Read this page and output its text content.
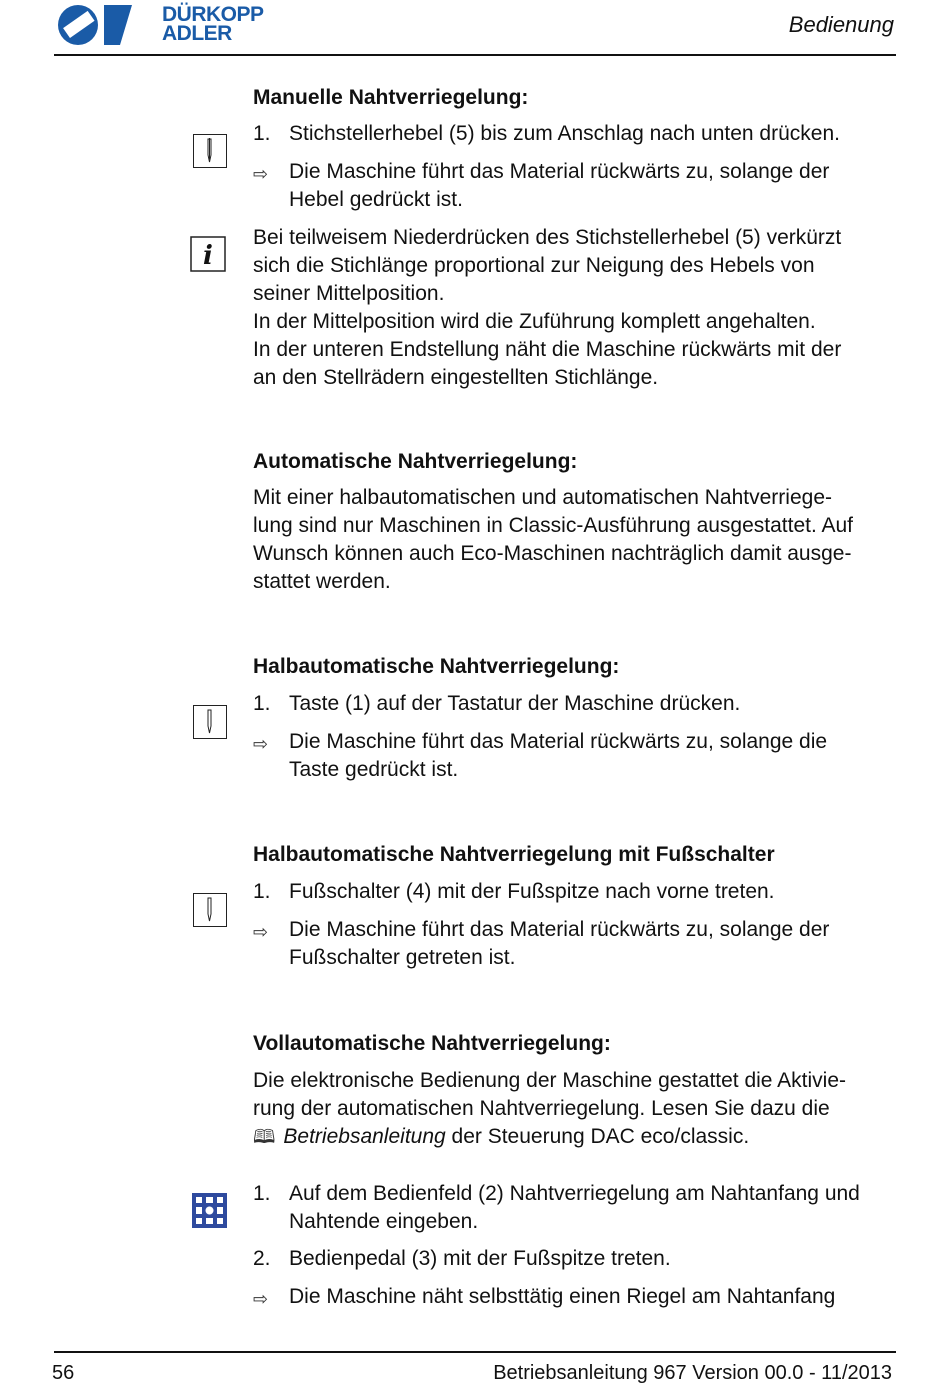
DÜRKOPP
ADLER	Bedienung
i
Manuelle Nahtverriegelung:
1. Stichstellerhebel (5) bis zum Anschlag nach unten drücken.
⇨ Die Maschine führt das Material rückwärts zu, solange der
Hebel gedrückt ist.
Bei teilweisem Niederdrücken des Stichstellerhebel (5) verkürzt
sich die Stichlänge proportional zur Neigung des Hebels von
seiner Mittelposition.
In der Mittelposition wird die Zuführung komplett angehalten.
In der unteren Endstellung näht die Maschine rückwärts mit der
an den Stellrädern eingestellten Stichlänge.
Automatische Nahtverriegelung:
Mit einer halbautomatischen und automatischen Nahtverriege-
lung sind nur Maschinen in Classic-Ausführung ausgestattet. Auf
Wunsch können auch Eco-Maschinen nachträglich damit ausge-
stattet werden.
Halbautomatische Nahtverriegelung:
1. Taste (1) auf der Tastatur der Maschine drücken.
⇨ Die Maschine führt das Material rückwärts zu, solange die
Taste gedrückt ist.
Halbautomatische Nahtverriegelung mit Fußschalter
1. Fußschalter (4) mit der Fußspitze nach vorne treten.
⇨ Die Maschine führt das Material rückwärts zu, solange der
Fußschalter getreten ist.
Vollautomatische Nahtverriegelung:
Die elektronische Bedienung der Maschine gestattet die Aktivie-
rung der automatischen Nahtverriegelung. Lesen Sie dazu die
🕮 Betriebsanleitung der Steuerung DAC eco/classic.
1. Auf dem Bedienfeld (2) Nahtverriegelung am Nahtanfang und
Nahtende eingeben.
2. Bedienpedal (3) mit der Fußspitze treten.
⇨ Die Maschine näht selbsttätig einen Riegel am Nahtanfang
56	Betriebsanleitung 967 Version 00.0 - 11/2013
